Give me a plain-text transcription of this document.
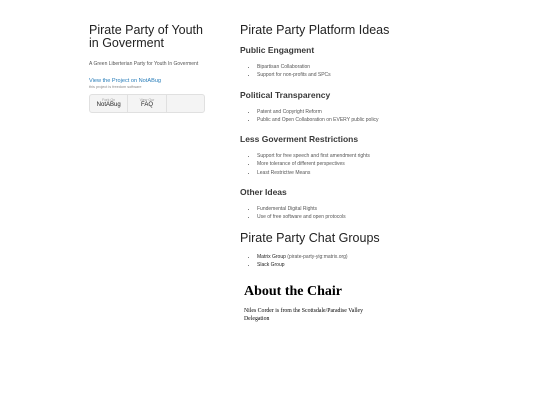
Pirate Party of Youth in Goverment

A Green Liberterian Party for Youth In Goverment

View the Project on NotABug
this project is freedom software
Fork On
NotABug
View Our
FAQ
Pirate Party Platform Ideas
Public Engagment
• Bipartisan Collaboration
• Support for non-profits and SPCs
Political Transparency
• Patent and Copyright Reform
• Public and Open Collaboration on EVERY public policy
Less Goverment Restrictions
• Support for free speech and first amendment rights
• More tolerance of different perspectives
• Least Restrictive Means
Other Ideas
• Fundemental Digital Rights
• Use of free software and open protocols
Pirate Party Chat Groups
• Matrix Group (pirate-party-yig:matrix.org)
• Slack Group
About the Chair

Niles Corder is from the Scottsdale/Paradise Valley Delegation
